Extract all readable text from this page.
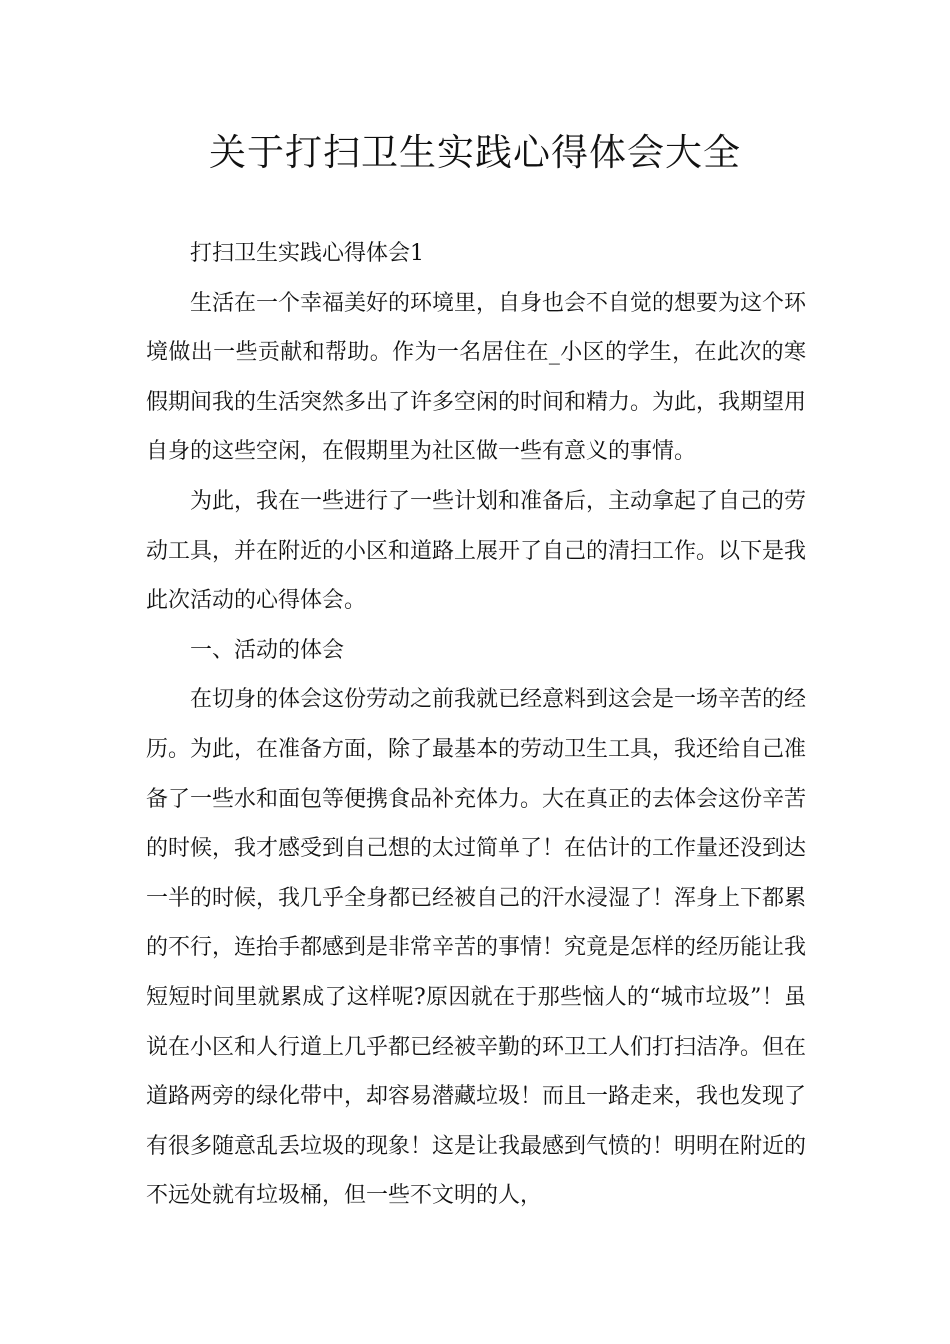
关于打扫卫生实践心得体会大全

打扫卫生实践心得体会1

生活在一个幸福美好的环境里，自身也会不自觉的想要为这个环境做出一些贡献和帮助。作为一名居住在_小区的学生，在此次的寒假期间我的生活突然多出了许多空闲的时间和精力。为此，我期望用自身的这些空闲，在假期里为社区做一些有意义的事情。

为此，我在一些进行了一些计划和准备后，主动拿起了自己的劳动工具，并在附近的小区和道路上展开了自己的清扫工作。以下是我此次活动的心得体会。

一、活动的体会

在切身的体会这份劳动之前我就已经意料到这会是一场辛苦的经历。为此，在准备方面，除了最基本的劳动卫生工具，我还给自己准备了一些水和面包等便携食品补充体力。大在真正的去体会这份辛苦的时候，我才感受到自己想的太过简单了！在估计的工作量还没到达一半的时候，我几乎全身都已经被自己的汗水浸湿了！浑身上下都累的不行，连抬手都感到是非常辛苦的事情！究竟是怎样的经历能让我短短时间里就累成了这样呢?原因就在于那些恼人的“城市垃圾”！虽说在小区和人行道上几乎都已经被辛勤的环卫工人们打扫洁净。但在道路两旁的绿化带中，却容易潜藏垃圾！而且一路走来，我也发现了有很多随意乱丢垃圾的现象！这是让我最感到气愤的！明明在附近的不远处就有垃圾桶，但一些不文明的人，
